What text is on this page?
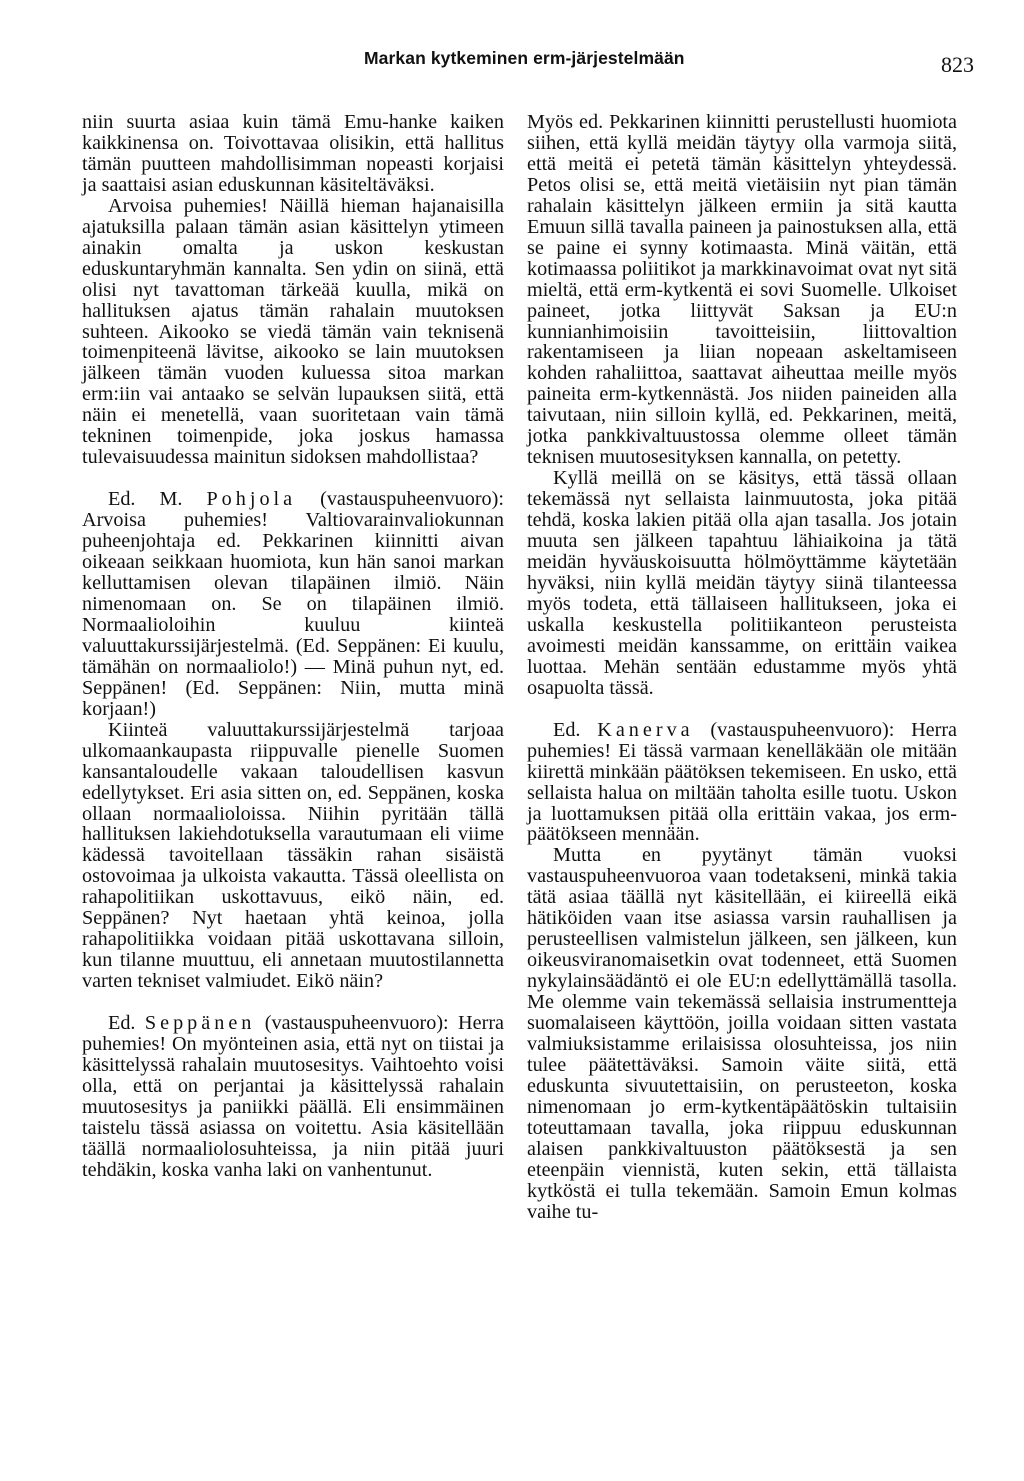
Markan kytkeminen erm-järjestelmään	823

niin suurta asiaa kuin tämä Emu-hanke kaiken kaikkinensa on. Toivottavaa olisikin, että hallitus tämän puutteen mahdollisimman nopeasti korjaisi ja saattaisi asian eduskunnan käsiteltäväksi.

Arvoisa puhemies! Näillä hieman hajanaisilla ajatuksilla palaan tämän asian käsittelyn ytimeen ainakin omalta ja uskon keskustan eduskuntaryhmän kannalta. Sen ydin on siinä, että olisi nyt tavattoman tärkeää kuulla, mikä on hallituksen ajatus tämän rahalain muutoksen suhteen. Aikooko se viedä tämän vain teknisenä toimenpiteenä lävitse, aikooko se lain muutoksen jälkeen tämän vuoden kuluessa sitoa markan erm:iin vai antaako se selvän lupauksen siitä, että näin ei menetellä, vaan suoritetaan vain tämä tekninen toimenpide, joka joskus hamassa tulevaisuudessa mainitun sidoksen mahdollistaa?

Ed. M. Pohjola (vastauspuheenvuoro): Arvoisa puhemies! Valtiovarainvaliokunnan puheenjohtaja ed. Pekkarinen kiinnitti aivan oikeaan seikkaan huomiota, kun hän sanoi markan kelluttamisen olevan tilapäinen ilmiö. Näin nimenomaan on. Se on tilapäinen ilmiö. Normaalioloihin kuuluu kiinteä valuuttakurssijärjestelmä. (Ed. Seppänen: Ei kuulu, tämähän on normaaliolo!) — Minä puhun nyt, ed. Seppänen! (Ed. Seppänen: Niin, mutta minä korjaan!)

Kiinteä valuuttakurssijärjestelmä tarjoaa ulkomaankaupasta riippuvalle pienelle Suomen kansantaloudelle vakaan taloudellisen kasvun edellytykset. Eri asia sitten on, ed. Seppänen, koska ollaan normaalioloissa. Niihin pyritään tällä hallituksen lakiehdotuksella varautumaan eli viime kädessä tavoitellaan tässäkin rahan sisäistä ostovoimaa ja ulkoista vakautta. Tässä oleellista on rahapolitiikan uskottavuus, eikö näin, ed. Seppänen? Nyt haetaan yhtä keinoa, jolla rahapolitiikka voidaan pitää uskottavana silloin, kun tilanne muuttuu, eli annetaan muutostilannetta varten tekniset valmiudet. Eikö näin?

Ed. Seppänen (vastauspuheenvuoro): Herra puhemies! On myönteinen asia, että nyt on tiistai ja käsittelyssä rahalain muutosesitys. Vaihtoehto voisi olla, että on perjantai ja käsittelyssä rahalain muutosesitys ja paniikki päällä. Eli ensimmäinen taistelu tässä asiassa on voitettu. Asia käsitellään täällä normaaliolosuhteissa, ja niin pitää juuri tehdäkin, koska vanha laki on vanhentunut.

Myös ed. Pekkarinen kiinnitti perustellusti huomiota siihen, että kyllä meidän täytyy olla varmoja siitä, että meitä ei petetä tämän käsittelyn yhteydessä. Petos olisi se, että meitä vietäisiin nyt pian tämän rahalain käsittelyn jälkeen ermiin ja sitä kautta Emuun sillä tavalla paineen ja painostuksen alla, että se paine ei synny kotimaasta. Minä väitän, että kotimaassa poliitikot ja markkinavoimat ovat nyt sitä mieltä, että erm-kytkentä ei sovi Suomelle. Ulkoiset paineet, jotka liittyvät Saksan ja EU:n kunnianhimoisiin tavoitteisiin, liittovaltion rakentamiseen ja liian nopeaan askeltamiseen kohden rahaliittoa, saattavat aiheuttaa meille myös paineita erm-kytkennästä. Jos niiden paineiden alla taivutaan, niin silloin kyllä, ed. Pekkarinen, meitä, jotka pankkivaltuustossa olemme olleet tämän teknisen muutosesityksen kannalla, on petetty.

Kyllä meillä on se käsitys, että tässä ollaan tekemässä nyt sellaista lainmuutosta, joka pitää tehdä, koska lakien pitää olla ajan tasalla. Jos jotain muuta sen jälkeen tapahtuu lähiaikoina ja tätä meidän hyväuskoisuutta hölmöyttämme käytetään hyväksi, niin kyllä meidän täytyy siinä tilanteessa myös todeta, että tällaiseen hallitukseen, joka ei uskalla keskustella politiikanteon perusteista avoimesti meidän kanssamme, on erittäin vaikea luottaa. Mehän sentään edustamme myös yhtä osapuolta tässä.

Ed. Kanerva (vastauspuheenvuoro): Herra puhemies! Ei tässä varmaan kenelläkään ole mitään kiirettä minkään päätöksen tekemiseen. En usko, että sellaista halua on miltään taholta esille tuotu. Uskon ja luottamuksen pitää olla erittäin vakaa, jos erm-päätökseen mennään.

Mutta en pyytänyt tämän vuoksi vastauspuheenvuoroa vaan todetakseni, minkä takia tätä asiaa täällä nyt käsitellään, ei kiireellä eikä hätiköiden vaan itse asiassa varsin rauhallisen ja perusteellisen valmistelun jälkeen, sen jälkeen, kun oikeusviranomaisetkin ovat todenneet, että Suomen nykylainsäädäntö ei ole EU:n edellyttämällä tasolla. Me olemme vain tekemässä sellaisia instrumentteja suomalaiseen käyttöön, joilla voidaan sitten vastata valmiuksistamme erilaisissa olosuhteissa, jos niin tulee päätettäväksi. Samoin väite siitä, että eduskunta sivuutettaisiin, on perusteeton, koska nimenomaan jo erm-kytkentäpäätöskin tultaisiin toteuttamaan tavalla, joka riippuu eduskunnan alaisen pankkivaltuuston päätöksestä ja sen eteenpäin viennistä, kuten sekin, että tällaista kytköstä ei tulla tekemään. Samoin Emun kolmas vaihe tu-
